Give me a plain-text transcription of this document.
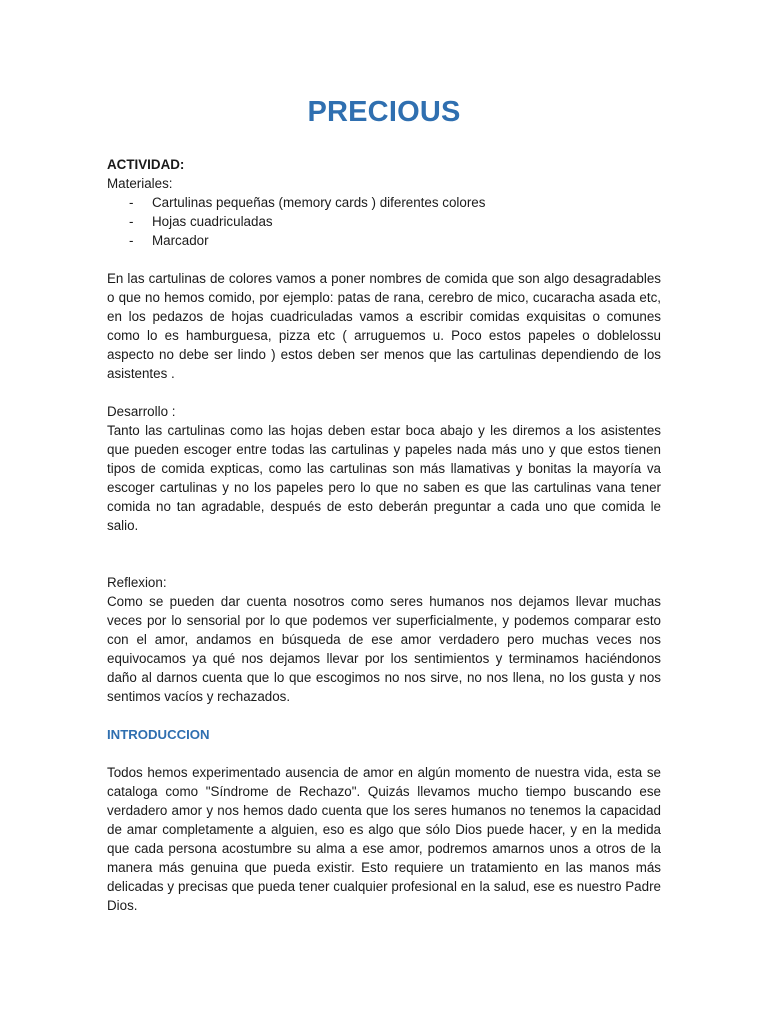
PRECIOUS

ACTIVIDAD:

Materiales:

- Cartulinas pequeñas (memory cards ) diferentes colores
- Hojas cuadriculadas
- Marcador

En las cartulinas de colores vamos a poner nombres de comida que son algo desagradables o que no hemos comido, por ejemplo: patas de rana, cerebro de mico, cucaracha asada etc, en los pedazos de hojas cuadriculadas vamos a escribir comidas exquisitas o comunes como lo es hamburguesa, pizza etc ( arruguemos u. Poco estos papeles o doblelossu aspecto no debe ser lindo ) estos deben ser menos que las cartulinas dependiendo de los asistentes .

Desarrollo :

Tanto las cartulinas como las hojas deben estar boca abajo y les diremos a los asistentes que pueden escoger entre todas las cartulinas y papeles nada más uno y que estos tienen tipos de comida expticas, como las cartulinas son más llamativas y bonitas la mayoría va escoger cartulinas y no los papeles pero lo que no saben es que las cartulinas vana tener comida no tan agradable, después de esto deberán preguntar a cada uno que comida le salio.

Reflexion:

Como se pueden dar cuenta nosotros como seres humanos nos dejamos llevar muchas veces por lo sensorial por lo que podemos ver superficialmente, y podemos comparar esto con el amor, andamos en búsqueda de ese amor verdadero pero muchas veces nos equivocamos ya qué nos dejamos llevar por los sentimientos y terminamos haciéndonos daño al darnos cuenta que lo que escogimos no nos sirve, no nos llena, no los gusta y nos sentimos vacíos y rechazados.

INTRODUCCION

Todos hemos experimentado ausencia de amor en algún momento de nuestra vida, esta se cataloga como "Síndrome de Rechazo". Quizás llevamos mucho tiempo buscando ese verdadero amor y nos hemos dado cuenta que los seres humanos no tenemos la capacidad de amar completamente a alguien, eso es algo que sólo Dios puede hacer, y en la medida que cada persona acostumbre su alma a ese amor, podremos amarnos unos a otros de la manera más genuina que pueda existir. Esto requiere un tratamiento en las manos más delicadas y precisas que pueda tener cualquier profesional en la salud, ese es nuestro Padre Dios.
